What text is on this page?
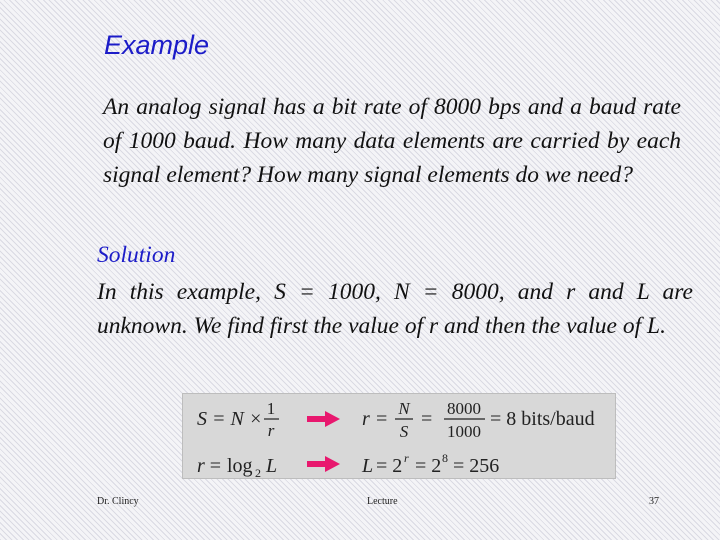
Example

An analog signal has a bit rate of 8000 bps and a baud rate of 1000 baud. How many data elements are carried by each signal element? How many signal elements do we need?

Solution

In this example, S = 1000, N = 8000, and r and L are unknown. We find first the value of r and then the value of L.

S = N × 1
r
r = N
S
= 8000
1000
= 8 bits/baud
r = log 2 L	L = 2 r = 2 8 = 256
Dr. Clincy	Lecture	37
